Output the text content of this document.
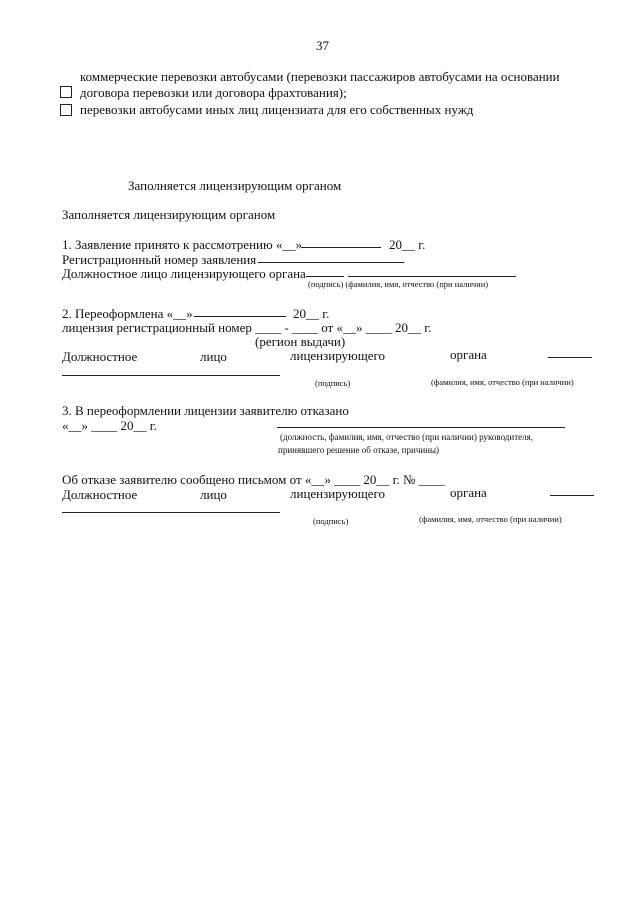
37
коммерческие перевозки автобусами (перевозки пассажиров автобусами на основании
договора перевозки или договора фрахтования);
перевозки автобусами иных лиц лицензиата для его собственных нужд
Заполняется лицензирующим органом
Заполняется лицензирующим органом
1. Заявление принято к рассмотрению «__»	20__ г.
Регистрационный номер заявления
Должностное лицо лицензирующего органа
(подпись) (фамилия, имя, отчество (при наличии)
2. Переоформлена «__»	20__ г.
лицензия регистрационный номер ____ - ____ от «__» ____ 20__ г.
(регион выдачи)
Должностное	лицо	лицензирующего	органа
(подпись)	(фамилия, имя, отчество (при наличии)
3. В переоформлении лицензии заявителю отказано
«__» ____ 20__ г.
(должность, фамилия, имя, отчество (при наличии) руководителя,
принявшего решение об отказе, причины)
Об отказе заявителю сообщено письмом от «__» ____ 20__ г. № ____
Должностное	лицо	лицензирующего	органа
(подпись)	(фамилия, имя, отчество (при наличии)
